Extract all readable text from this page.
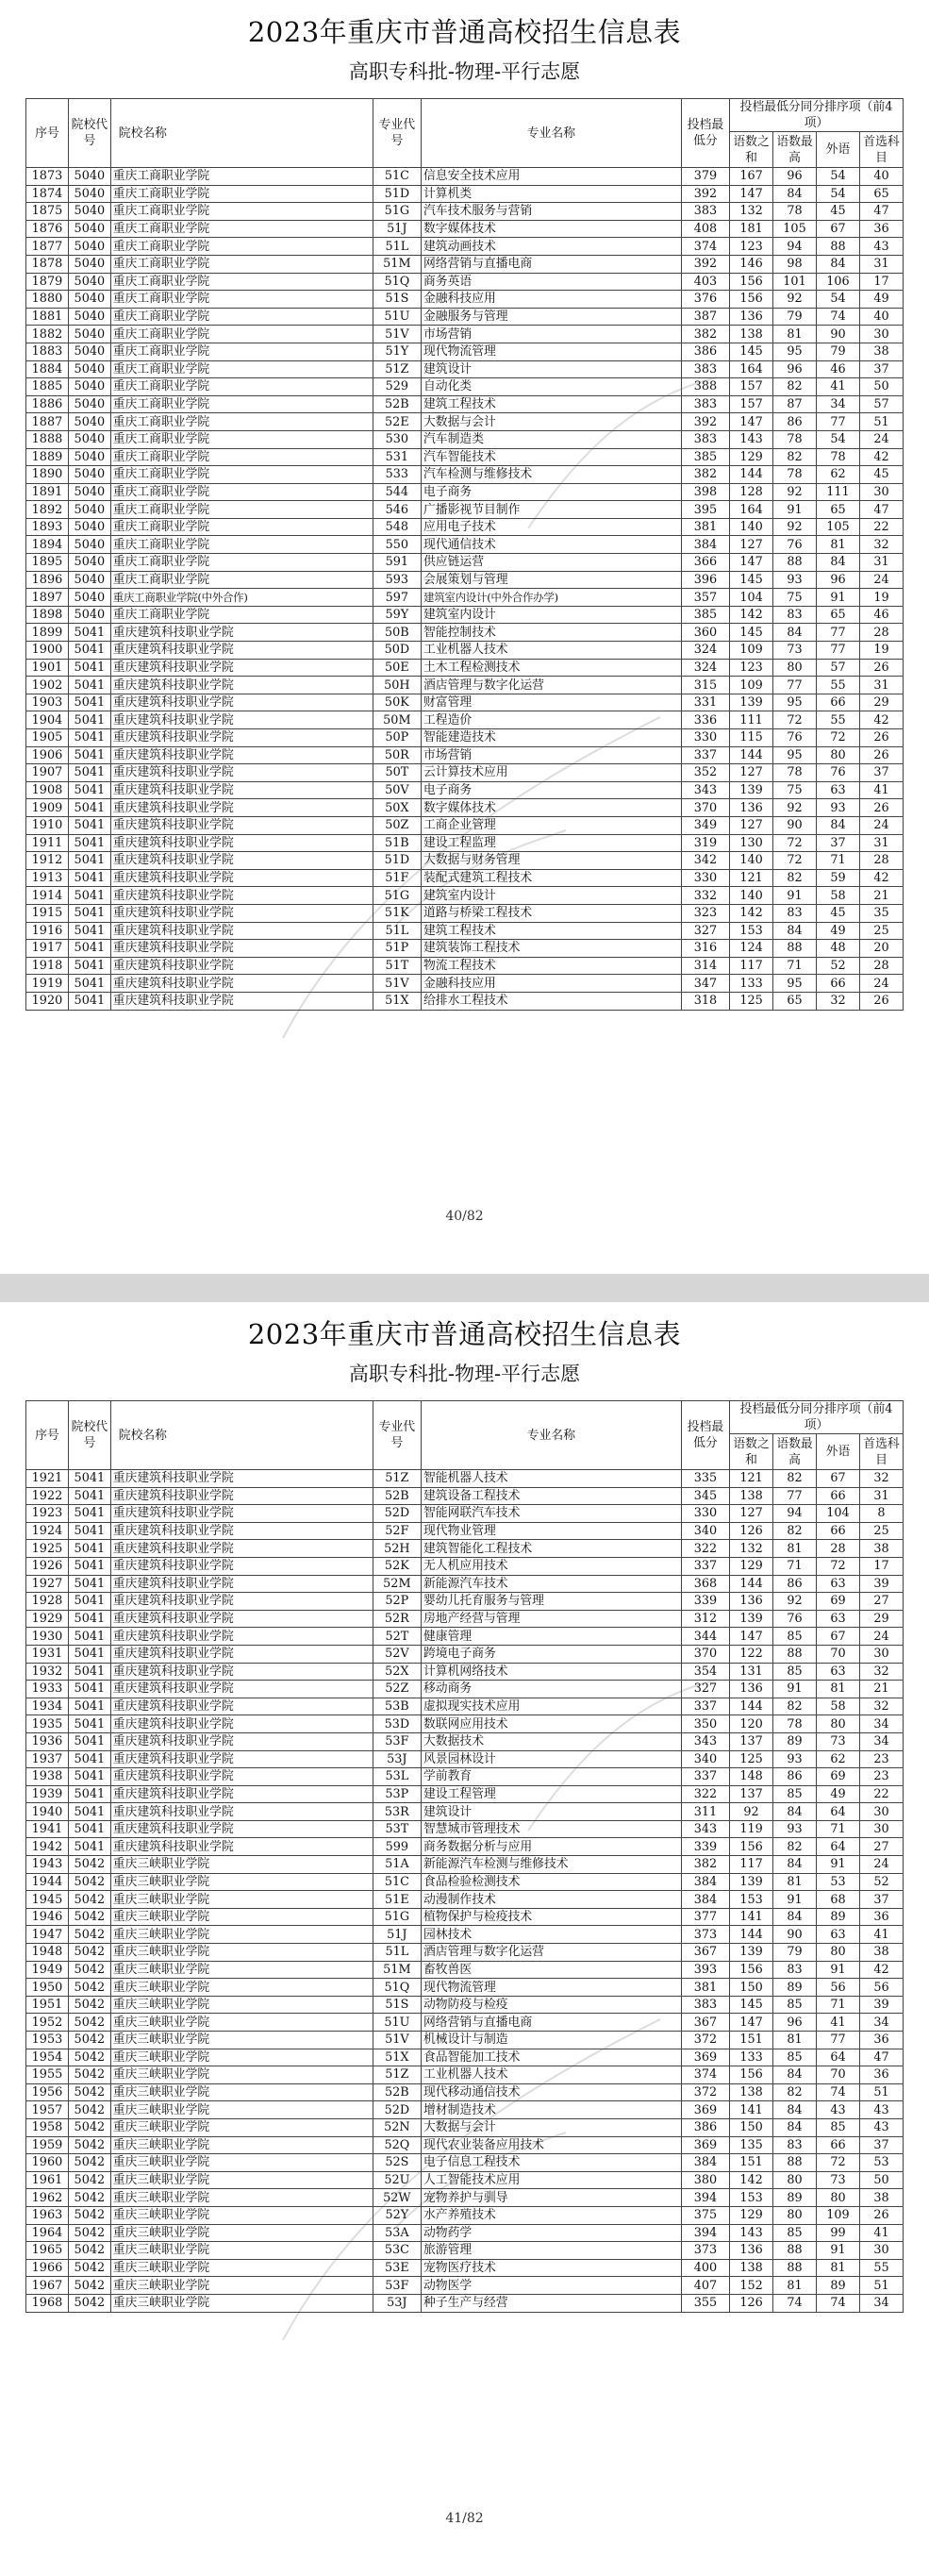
2023年重庆市普通高校招生信息表
高职专科批-物理-平行志愿
序号	院校代号	院校名称	专业代号	专业名称	投档最低分	投档最低分同分排序项（前4项）			
						语数之和	语数最高	外语	首选科目
1873	5040	重庆工商职业学院	51C	信息安全技术应用	379	167	96	54	40
1874	5040	重庆工商职业学院	51D	计算机类	392	147	84	54	65
1875	5040	重庆工商职业学院	51G	汽车技术服务与营销	383	132	78	45	47
1876	5040	重庆工商职业学院	51J	数字媒体技术	408	181	105	67	36
1877	5040	重庆工商职业学院	51L	建筑动画技术	374	123	94	88	43
1878	5040	重庆工商职业学院	51M	网络营销与直播电商	392	146	98	84	31
1879	5040	重庆工商职业学院	51Q	商务英语	403	156	101	106	17
1880	5040	重庆工商职业学院	51S	金融科技应用	376	156	92	54	49
1881	5040	重庆工商职业学院	51U	金融服务与管理	387	136	79	74	40
1882	5040	重庆工商职业学院	51V	市场营销	382	138	81	90	30
1883	5040	重庆工商职业学院	51Y	现代物流管理	386	145	95	79	38
1884	5040	重庆工商职业学院	51Z	建筑设计	383	164	96	46	37
1885	5040	重庆工商职业学院	529	自动化类	388	157	82	41	50
1886	5040	重庆工商职业学院	52B	建筑工程技术	383	157	87	34	57
1887	5040	重庆工商职业学院	52E	大数据与会计	392	147	86	77	51
1888	5040	重庆工商职业学院	530	汽车制造类	383	143	78	54	24
1889	5040	重庆工商职业学院	531	汽车智能技术	385	129	82	78	42
1890	5040	重庆工商职业学院	533	汽车检测与维修技术	382	144	78	62	45
1891	5040	重庆工商职业学院	544	电子商务	398	128	92	111	30
1892	5040	重庆工商职业学院	546	广播影视节目制作	395	164	91	65	47
1893	5040	重庆工商职业学院	548	应用电子技术	381	140	92	105	22
1894	5040	重庆工商职业学院	550	现代通信技术	384	127	76	81	32
1895	5040	重庆工商职业学院	591	供应链运营	366	147	88	84	31
1896	5040	重庆工商职业学院	593	会展策划与管理	396	145	93	96	24
1897	5040	重庆工商职业学院(中外合作)	597	建筑室内设计(中外合作办学)	357	104	75	91	19
1898	5040	重庆工商职业学院	59Y	建筑室内设计	385	142	83	65	46
1899	5041	重庆建筑科技职业学院	50B	智能控制技术	360	145	84	77	28
1900	5041	重庆建筑科技职业学院	50D	工业机器人技术	324	109	73	77	19
1901	5041	重庆建筑科技职业学院	50E	土木工程检测技术	324	123	80	57	26
1902	5041	重庆建筑科技职业学院	50H	酒店管理与数字化运营	315	109	77	55	31
1903	5041	重庆建筑科技职业学院	50K	财富管理	331	139	95	66	29
1904	5041	重庆建筑科技职业学院	50M	工程造价	336	111	72	55	42
1905	5041	重庆建筑科技职业学院	50P	智能建造技术	330	115	76	72	26
1906	5041	重庆建筑科技职业学院	50R	市场营销	337	144	95	80	26
1907	5041	重庆建筑科技职业学院	50T	云计算技术应用	352	127	78	76	37
1908	5041	重庆建筑科技职业学院	50V	电子商务	343	139	75	63	41
1909	5041	重庆建筑科技职业学院	50X	数字媒体技术	370	136	92	93	26
1910	5041	重庆建筑科技职业学院	50Z	工商企业管理	349	127	90	84	24
1911	5041	重庆建筑科技职业学院	51B	建设工程监理	319	130	72	37	31
1912	5041	重庆建筑科技职业学院	51D	大数据与财务管理	342	140	72	71	28
1913	5041	重庆建筑科技职业学院	51F	装配式建筑工程技术	330	121	82	59	42
1914	5041	重庆建筑科技职业学院	51G	建筑室内设计	332	140	91	58	21
1915	5041	重庆建筑科技职业学院	51K	道路与桥梁工程技术	323	142	83	45	35
1916	5041	重庆建筑科技职业学院	51L	建筑工程技术	327	153	84	49	25
1917	5041	重庆建筑科技职业学院	51P	建筑装饰工程技术	316	124	88	48	20
1918	5041	重庆建筑科技职业学院	51T	物流工程技术	314	117	71	52	28
1919	5041	重庆建筑科技职业学院	51V	金融科技应用	347	133	95	66	24
1920	5041	重庆建筑科技职业学院	51X	给排水工程技术	318	125	65	32	26
40/82
2023年重庆市普通高校招生信息表
高职专科批-物理-平行志愿
序号	院校代号	院校名称	专业代号	专业名称	投档最低分	投档最低分同分排序项（前4项）			
						语数之和	语数最高	外语	首选科目
1921	5041	重庆建筑科技职业学院	51Z	智能机器人技术	335	121	82	67	32
1922	5041	重庆建筑科技职业学院	52B	建筑设备工程技术	345	138	77	66	31
1923	5041	重庆建筑科技职业学院	52D	智能网联汽车技术	330	127	94	104	8
1924	5041	重庆建筑科技职业学院	52F	现代物业管理	340	126	82	66	25
1925	5041	重庆建筑科技职业学院	52H	建筑智能化工程技术	322	132	81	28	38
1926	5041	重庆建筑科技职业学院	52K	无人机应用技术	337	129	71	72	17
1927	5041	重庆建筑科技职业学院	52M	新能源汽车技术	368	144	86	63	39
1928	5041	重庆建筑科技职业学院	52P	婴幼儿托育服务与管理	339	136	92	69	27
1929	5041	重庆建筑科技职业学院	52R	房地产经营与管理	312	139	76	63	29
1930	5041	重庆建筑科技职业学院	52T	健康管理	344	147	85	67	24
1931	5041	重庆建筑科技职业学院	52V	跨境电子商务	370	122	88	70	30
1932	5041	重庆建筑科技职业学院	52X	计算机网络技术	354	131	85	63	32
1933	5041	重庆建筑科技职业学院	52Z	移动商务	327	136	91	81	21
1934	5041	重庆建筑科技职业学院	53B	虚拟现实技术应用	337	144	82	58	32
1935	5041	重庆建筑科技职业学院	53D	数联网应用技术	350	120	78	80	34
1936	5041	重庆建筑科技职业学院	53F	大数据技术	343	137	89	73	34
1937	5041	重庆建筑科技职业学院	53J	风景园林设计	340	125	93	62	23
1938	5041	重庆建筑科技职业学院	53L	学前教育	337	148	86	69	23
1939	5041	重庆建筑科技职业学院	53P	建设工程管理	322	137	85	49	22
1940	5041	重庆建筑科技职业学院	53R	建筑设计	311	92	84	64	30
1941	5041	重庆建筑科技职业学院	53T	智慧城市管理技术	343	119	93	71	30
1942	5041	重庆建筑科技职业学院	599	商务数据分析与应用	339	156	82	64	27
1943	5042	重庆三峡职业学院	51A	新能源汽车检测与维修技术	382	117	84	91	24
1944	5042	重庆三峡职业学院	51C	食品检验检测技术	384	139	81	53	52
1945	5042	重庆三峡职业学院	51E	动漫制作技术	384	153	91	68	37
1946	5042	重庆三峡职业学院	51G	植物保护与检疫技术	377	141	84	89	36
1947	5042	重庆三峡职业学院	51J	园林技术	373	144	90	63	41
1948	5042	重庆三峡职业学院	51L	酒店管理与数字化运营	367	139	79	80	38
1949	5042	重庆三峡职业学院	51M	畜牧兽医	393	156	83	91	42
1950	5042	重庆三峡职业学院	51Q	现代物流管理	381	150	89	56	56
1951	5042	重庆三峡职业学院	51S	动物防疫与检疫	383	145	85	71	39
1952	5042	重庆三峡职业学院	51U	网络营销与直播电商	367	147	96	41	34
1953	5042	重庆三峡职业学院	51V	机械设计与制造	372	151	81	77	36
1954	5042	重庆三峡职业学院	51X	食品智能加工技术	369	133	85	64	47
1955	5042	重庆三峡职业学院	51Z	工业机器人技术	374	156	84	70	36
1956	5042	重庆三峡职业学院	52B	现代移动通信技术	372	138	82	74	51
1957	5042	重庆三峡职业学院	52D	增材制造技术	369	141	84	43	43
1958	5042	重庆三峡职业学院	52N	大数据与会计	386	150	84	85	43
1959	5042	重庆三峡职业学院	52Q	现代农业装备应用技术	369	135	83	66	37
1960	5042	重庆三峡职业学院	52S	电子信息工程技术	384	151	88	72	53
1961	5042	重庆三峡职业学院	52U	人工智能技术应用	380	142	80	73	50
1962	5042	重庆三峡职业学院	52W	宠物养护与驯导	394	153	89	80	38
1963	5042	重庆三峡职业学院	52Y	水产养殖技术	375	129	80	109	26
1964	5042	重庆三峡职业学院	53A	动物药学	394	143	85	99	41
1965	5042	重庆三峡职业学院	53C	旅游管理	373	136	88	91	30
1966	5042	重庆三峡职业学院	53E	宠物医疗技术	400	138	88	81	55
1967	5042	重庆三峡职业学院	53F	动物医学	407	152	81	89	51
1968	5042	重庆三峡职业学院	53J	种子生产与经营	355	126	74	74	34
41/82
